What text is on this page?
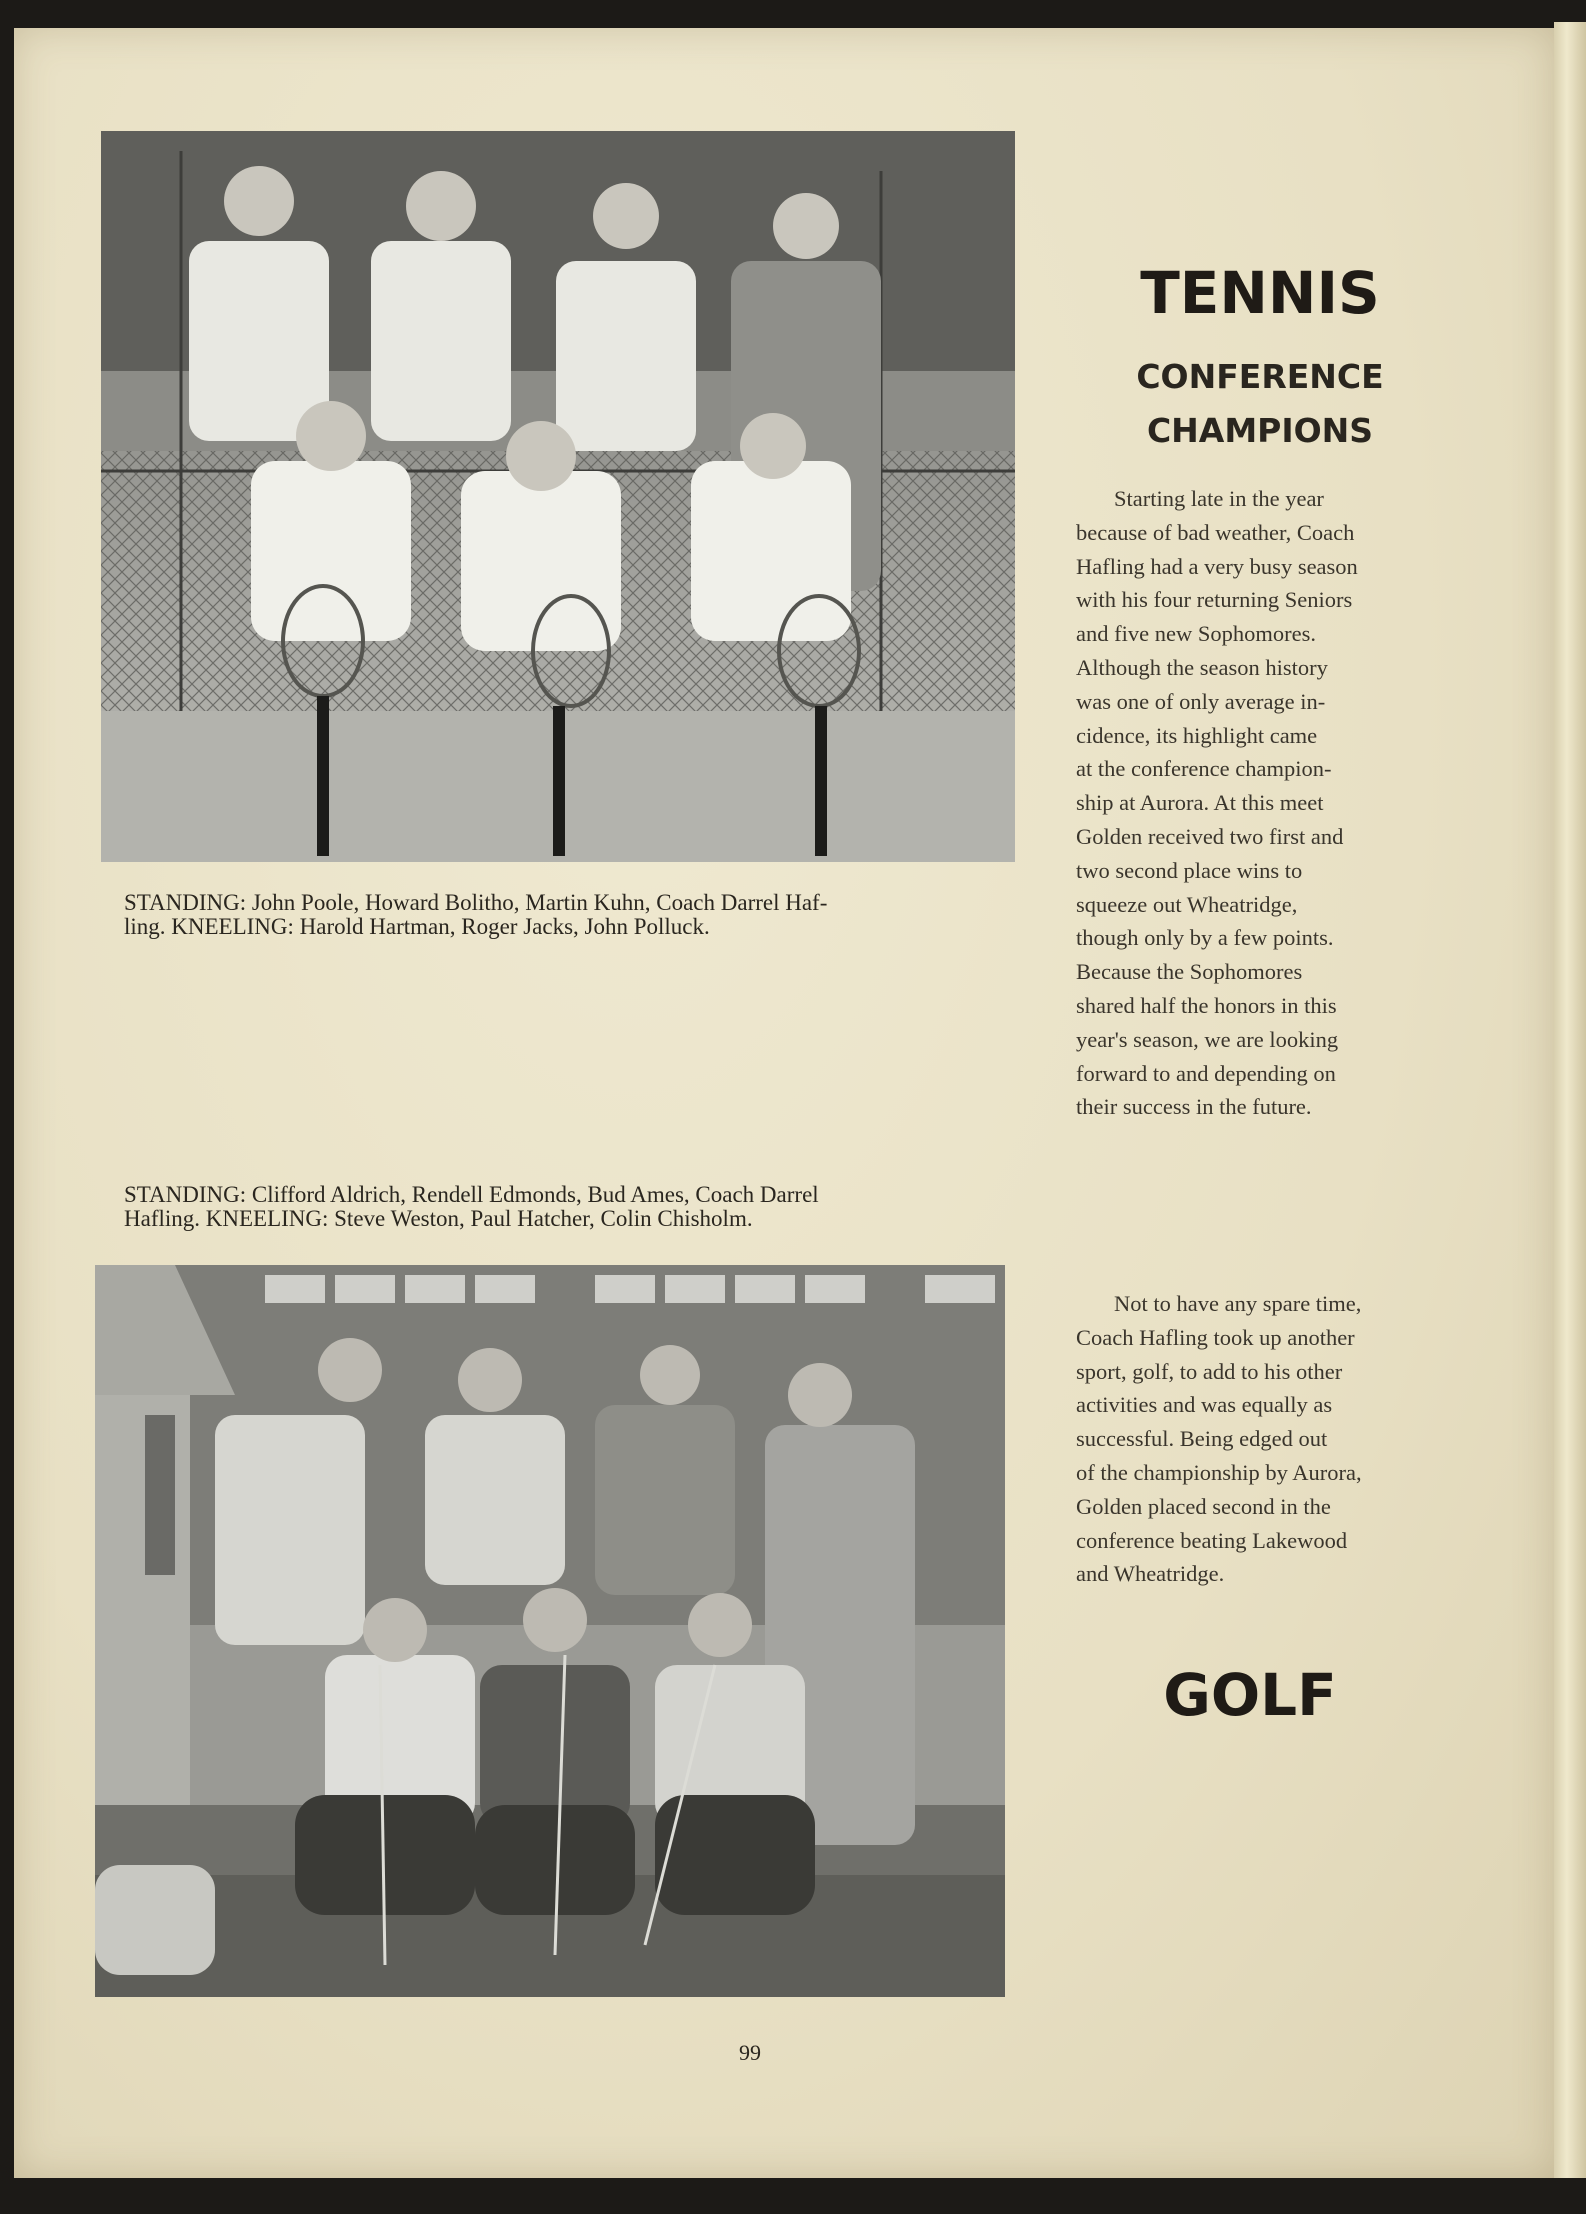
STANDING: John Poole, Howard Bolitho, Martin Kuhn, Coach Darrel Haf-
ling. KNEELING: Harold Hartman, Roger Jacks, John Polluck.

TENNIS
CONFERENCE
CHAMPIONS

Starting late in the year
because of bad weather, Coach
Hafling had a very busy season
with his four returning Seniors
and five new Sophomores.
Although the season history
was one of only average in-
cidence, its highlight came
at the conference champion-
ship at Aurora. At this meet
Golden received two first and
two second place wins to
squeeze out Wheatridge,
though only by a few points.
Because the Sophomores
shared half the honors in this
year's season, we are looking
forward to and depending on
their success in the future.

STANDING: Clifford Aldrich, Rendell Edmonds, Bud Ames, Coach Darrel
Hafling. KNEELING: Steve Weston, Paul Hatcher, Colin Chisholm.

Not to have any spare time,
Coach Hafling took up another
sport, golf, to add to his other
activities and was equally as
successful. Being edged out
of the championship by Aurora,
Golden placed second in the
conference beating Lakewood
and Wheatridge.

GOLF
99
